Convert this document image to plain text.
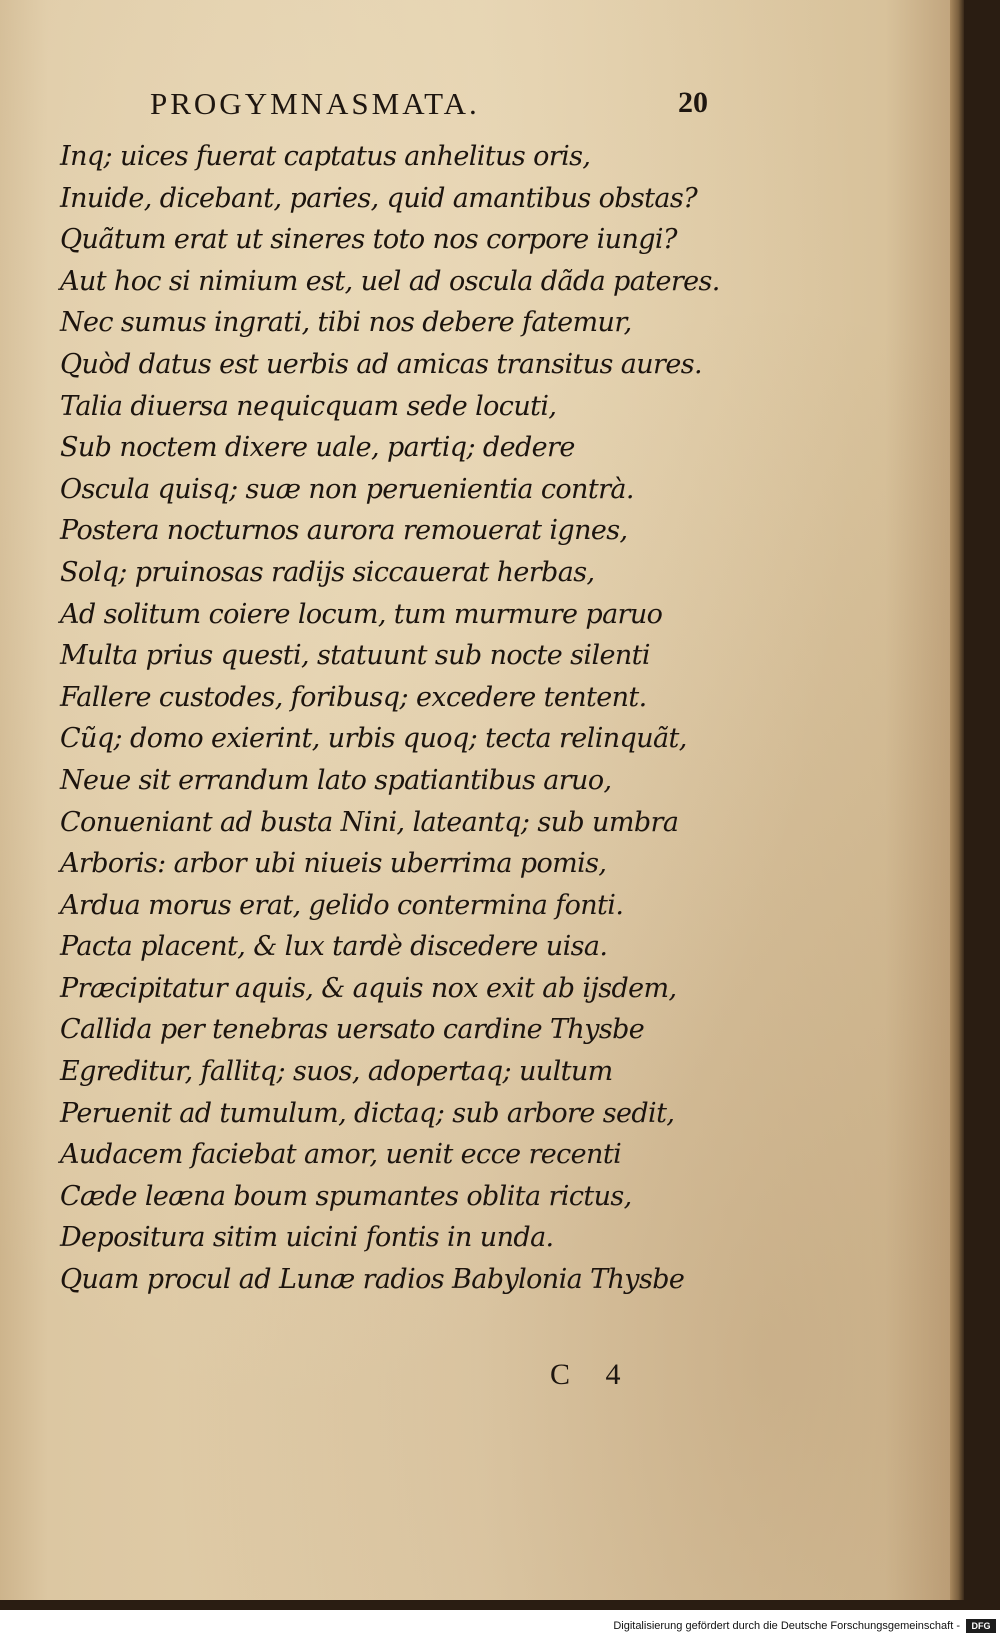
PROGYMNASMATA.	20
Inq; uices fuerat captatus anhelitus oris,
Inuide, dicebant, paries, quid amantibus obstas?
Quãtum erat ut sineres toto nos corpore iungi?
Aut hoc si nimium est, uel ad oscula dãda pateres.
Nec sumus ingrati, tibi nos debere fatemur,
Quòd datus est uerbis ad amicas transitus aures.
Talia diuersa nequicquam sede locuti,
Sub noctem dixere uale, partiq; dedere
Oscula quisq; suæ non peruenientia contrà.
Postera nocturnos aurora remouerat ignes,
Solq; pruinosas radijs siccauerat herbas,
Ad solitum coiere locum, tum murmure paruo
Multa prius questi, statuunt sub nocte silenti
Fallere custodes, foribusq; excedere tentent.
Cũq; domo exierint, urbis quoq; tecta relinquãt,
Neue sit errandum lato spatiantibus aruo,
Conueniant ad busta Nini, lateantq; sub umbra
Arboris: arbor ubi niueis uberrima pomis,
Ardua morus erat, gelido contermina fonti.
Pacta placent, & lux tardè discedere uisa.
Præcipitatur aquis, & aquis nox exit ab ijsdem,
Callida per tenebras uersato cardine Thysbe
Egreditur, fallitq; suos, adopertaq; uultum
Peruenit ad tumulum, dictaq; sub arbore sedit,
Audacem faciebat amor, uenit ecce recenti
Cæde leæna boum spumantes oblita rictus,
Depositura sitim uicini fontis in unda.
Quam procul ad Lunæ radios Babylonia Thysbe
C 4
Digitalisierung gefördert durch die Deutsche Forschungsgemeinschaft -	DFG
